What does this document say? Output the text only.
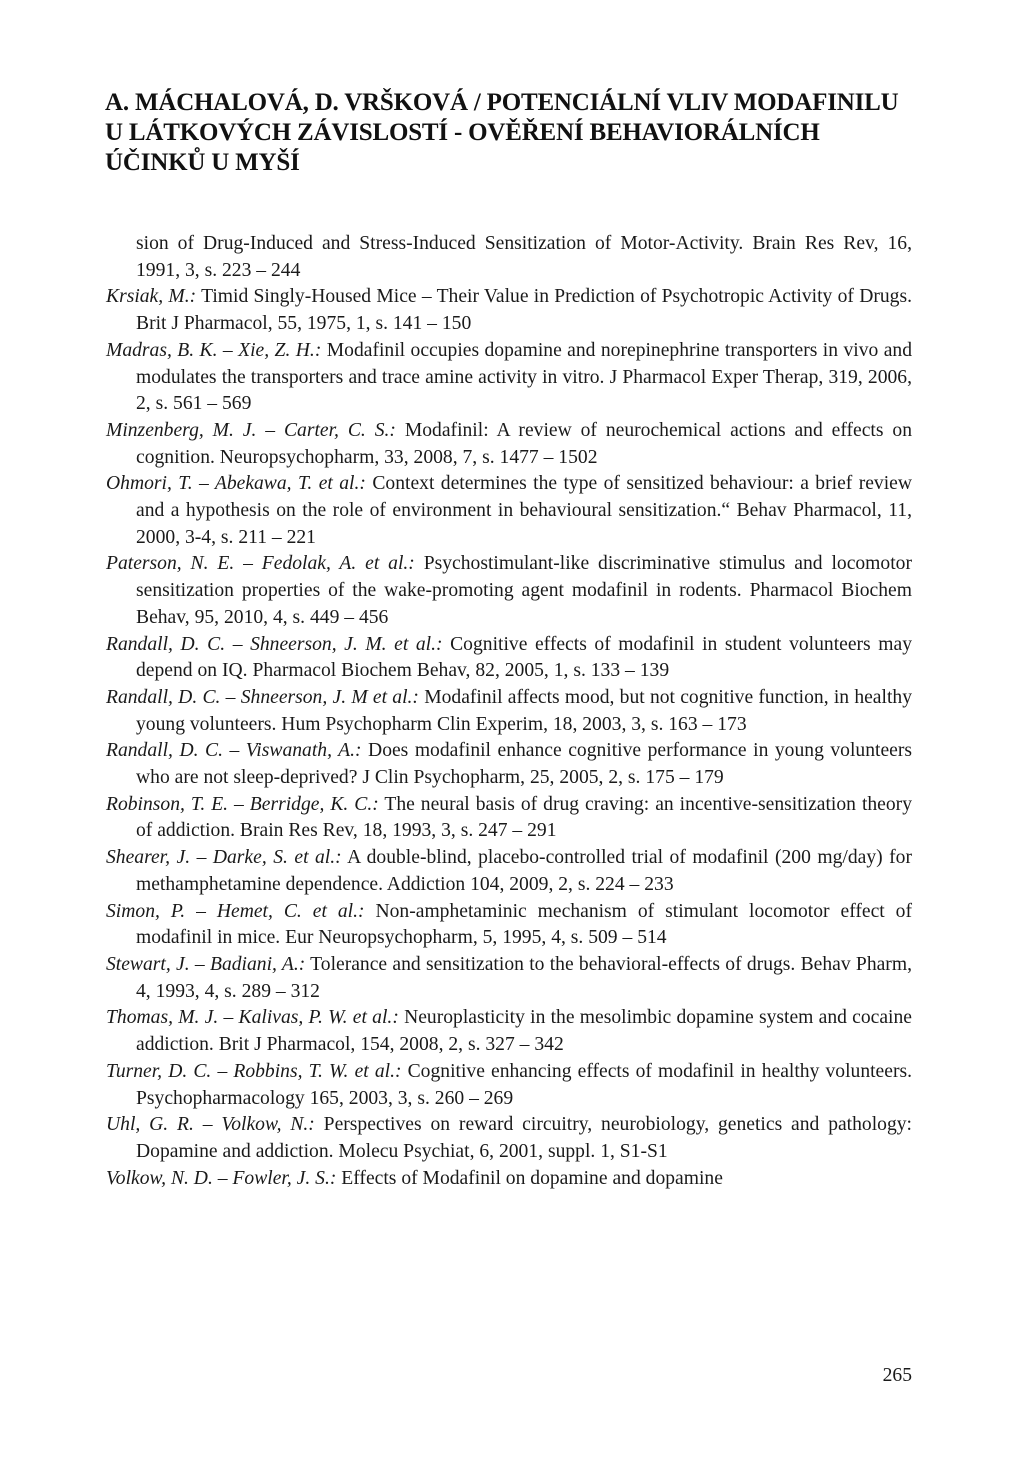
A. MÁCHALOVÁ, D. VRŠKOVÁ / POTENCIÁLNÍ VLIV MODAFINILU
U LÁTKOVÝCH ZÁVISLOSTÍ - OVĚŘENÍ BEHAVIORÁLNÍCH
ÚČINKŮ U MYŠÍ

sion of Drug-Induced and Stress-Induced Sensitization of Motor-Activity. Brain Res Rev, 16, 1991, 3, s. 223 – 244

Krsiak, M.: Timid Singly-Housed Mice – Their Value in Prediction of Psychotropic Activity of Drugs. Brit J Pharmacol, 55, 1975, 1, s. 141 – 150

Madras, B. K. – Xie, Z. H.: Modafinil occupies dopamine and norepinephrine transporters in vivo and modulates the transporters and trace amine activity in vitro. J Pharmacol Exper Therap, 319, 2006, 2, s. 561 – 569

Minzenberg, M. J. – Carter, C. S.: Modafinil: A review of neurochemical actions and effects on cognition. Neuropsychopharm, 33, 2008, 7, s. 1477 – 1502

Ohmori, T. – Abekawa, T. et al.: Context determines the type of sensitized behaviour: a brief review and a hypothesis on the role of environment in behavioural sensitization.“ Behav Pharmacol, 11, 2000, 3-4, s. 211 – 221

Paterson, N. E. – Fedolak, A. et al.: Psychostimulant-like discriminative stimulus and locomotor sensitization properties of the wake-promoting agent modafinil in rodents. Pharmacol Biochem Behav, 95, 2010, 4, s. 449 – 456

Randall, D. C. – Shneerson, J. M. et al.: Cognitive effects of modafinil in student volunteers may depend on IQ. Pharmacol Biochem Behav, 82, 2005, 1, s. 133 – 139

Randall, D. C. – Shneerson, J. M et al.: Modafinil affects mood, but not cognitive function, in healthy young volunteers. Hum Psychopharm Clin Experim, 18, 2003, 3, s. 163 – 173

Randall, D. C. – Viswanath, A.: Does modafinil enhance cognitive performance in young volunteers who are not sleep-deprived? J Clin Psychopharm, 25, 2005, 2, s. 175 – 179

Robinson, T. E. – Berridge, K. C.: The neural basis of drug craving: an incentive-sensitization theory of addiction. Brain Res Rev, 18, 1993, 3, s. 247 – 291

Shearer, J. – Darke, S. et al.: A double-blind, placebo-controlled trial of modafinil (200 mg/day) for methamphetamine dependence. Addiction 104, 2009, 2, s. 224 – 233

Simon, P. – Hemet, C. et al.: Non-amphetaminic mechanism of stimulant locomotor effect of modafinil in mice. Eur Neuropsychopharm, 5, 1995, 4, s. 509 – 514

Stewart, J. – Badiani, A.: Tolerance and sensitization to the behavioral-effects of drugs. Behav Pharm, 4, 1993, 4, s. 289 – 312

Thomas, M. J. – Kalivas, P. W. et al.: Neuroplasticity in the mesolimbic dopamine system and cocaine addiction. Brit J Pharmacol, 154, 2008, 2, s. 327 – 342

Turner, D. C. – Robbins, T. W. et al.: Cognitive enhancing effects of modafinil in healthy volunteers. Psychopharmacology 165, 2003, 3, s. 260 – 269

Uhl, G. R. – Volkow, N.: Perspectives on reward circuitry, neurobiology, genetics and pathology: Dopamine and addiction. Molecu Psychiat, 6, 2001, suppl. 1, S1-S1

Volkow, N. D. – Fowler, J. S.: Effects of Modafinil on dopamine and dopamine

265
